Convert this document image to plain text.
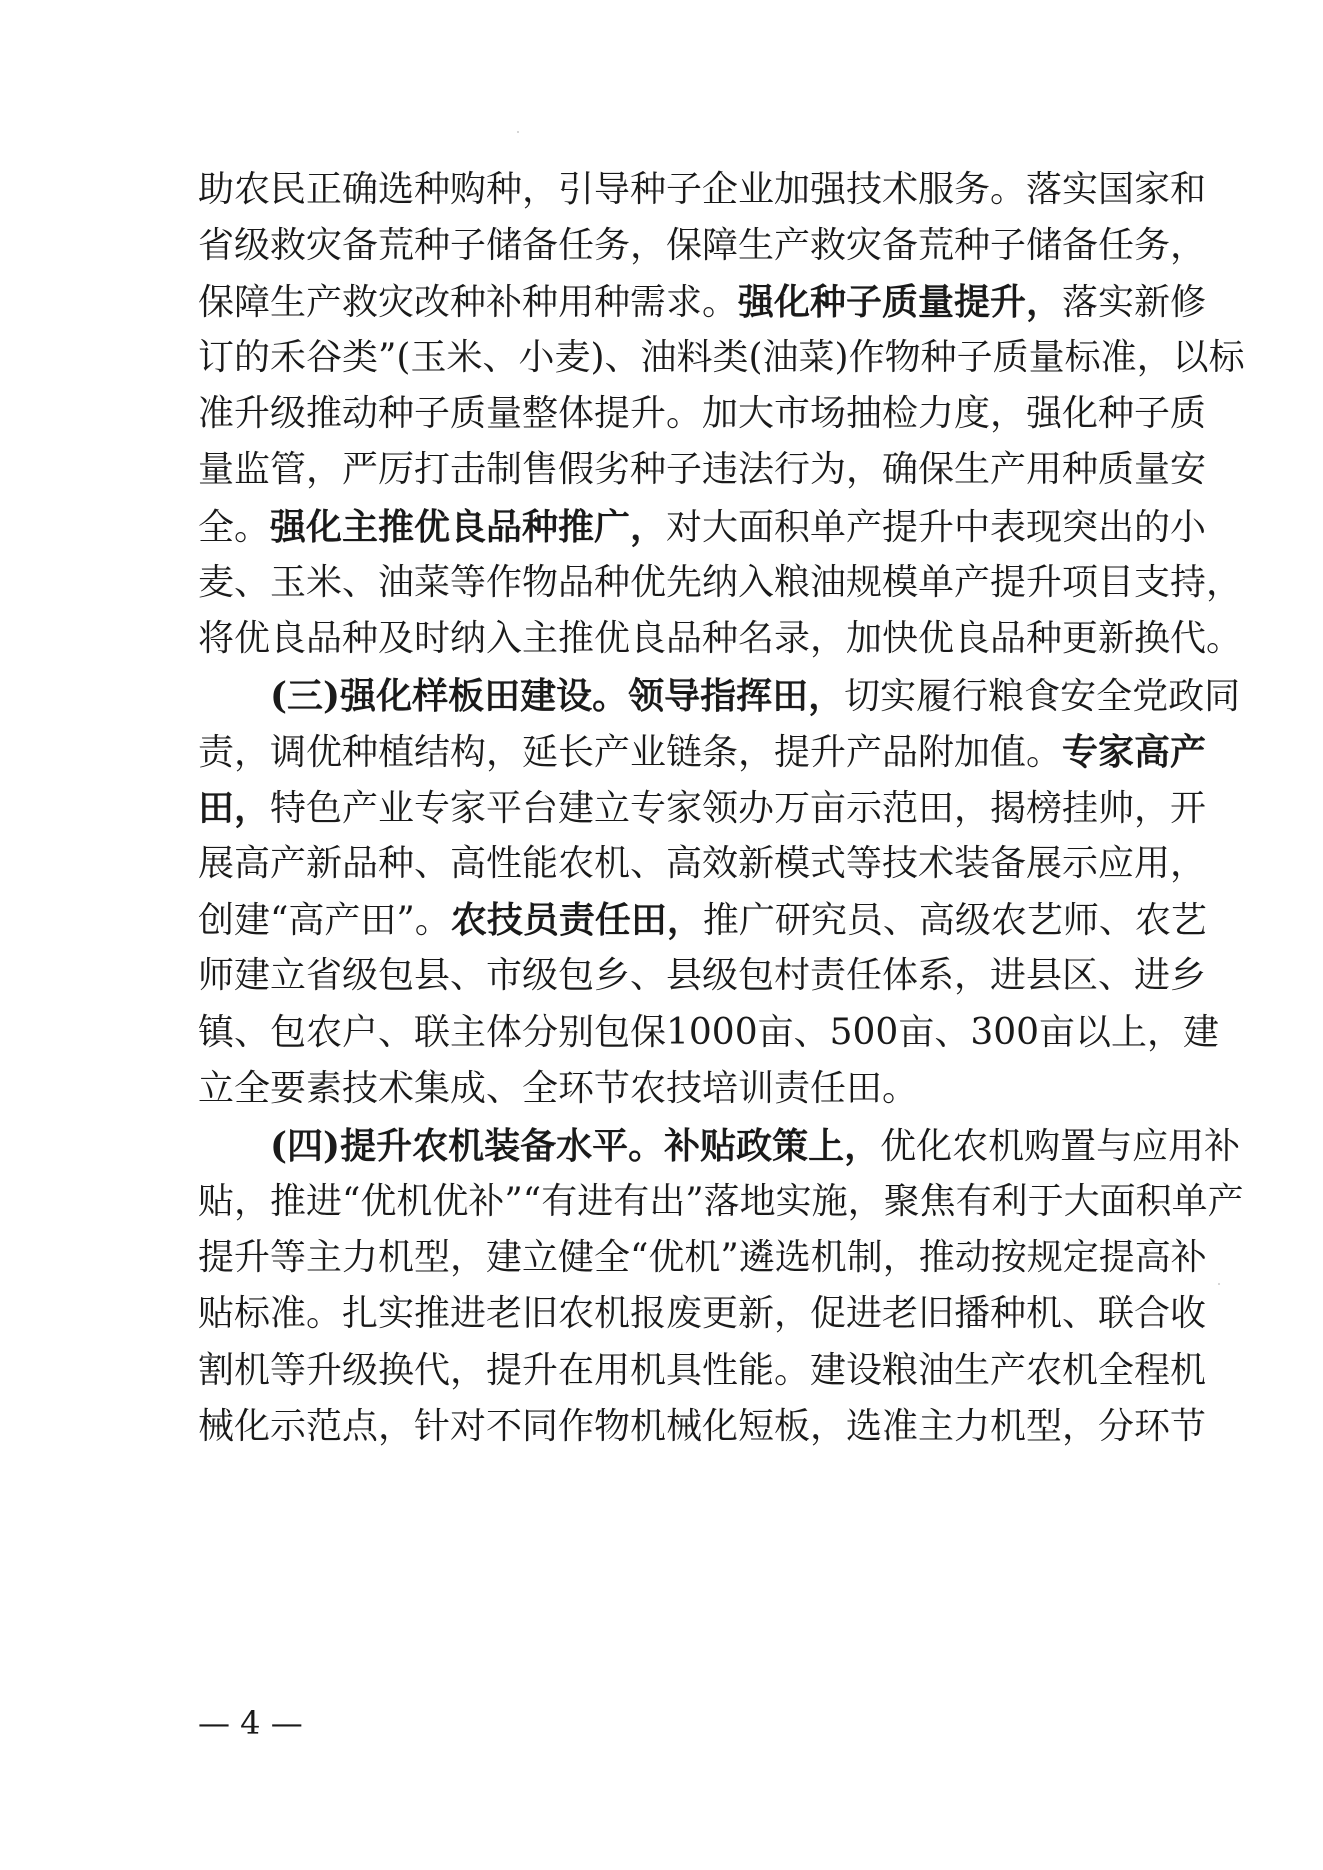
助农民正确选种购种，引导种子企业加强技术服务。落实国家和
省级救灾备荒种子储备任务，保障生产救灾备荒种子储备任务，
保障生产救灾改种补种用种需求。强化种子质量提升，落实新修
订的禾谷类”(玉米、小麦)、油料类(油菜)作物种子质量标准，以标
准升级推动种子质量整体提升。加大市场抽检力度，强化种子质
量监管，严厉打击制售假劣种子违法行为，确保生产用种质量安
全。强化主推优良品种推广，对大面积单产提升中表现突出的小
麦、玉米、油菜等作物品种优先纳入粮油规模单产提升项目支持，
将优良品种及时纳入主推优良品种名录，加快优良品种更新换代。
(三)强化样板田建设。领导指挥田，切实履行粮食安全党政同
责，调优种植结构，延长产业链条，提升产品附加值。专家高产
田，特色产业专家平台建立专家领办万亩示范田，揭榜挂帅，开
展高产新品种、高性能农机、高效新模式等技术装备展示应用，
创建“高产田”。农技员责任田，推广研究员、高级农艺师、农艺
师建立省级包县、市级包乡、县级包村责任体系，进县区、进乡
镇、包农户、联主体分别包保1000亩、500亩、300亩以上，建
立全要素技术集成、全环节农技培训责任田。
(四)提升农机装备水平。补贴政策上，优化农机购置与应用补
贴，推进“优机优补”“有进有出”落地实施，聚焦有利于大面积单产
提升等主力机型，建立健全“优机”遴选机制，推动按规定提高补
贴标准。扎实推进老旧农机报废更新，促进老旧播种机、联合收
割机等升级换代，提升在用机具性能。建设粮油生产农机全程机
械化示范点，针对不同作物机械化短板，选准主力机型，分环节
— 4 —
